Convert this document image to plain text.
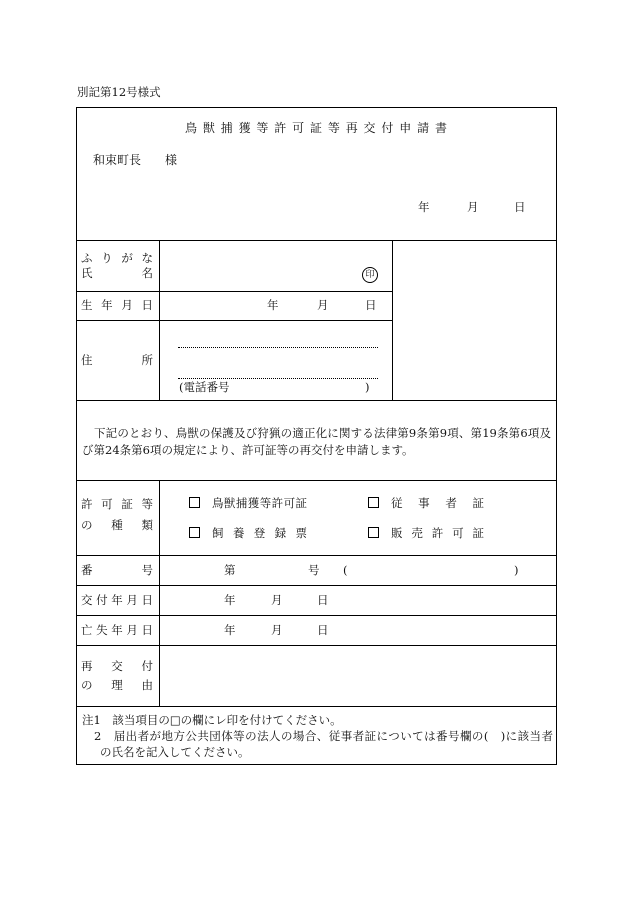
別記第12号様式
鳥獣捕獲等許可証等再交付申請書
和束町長　　様
年	月	日
ふりがな
氏名	印
生年月日	年	月	日
住所
(電話番号	)
下記のとおり、鳥獣の保護及び狩猟の適正化に関する法律第9条第9項、第19条第6項及
び第24条第6項の規定により、許可証等の再交付を申請します。
許可証等
の種類
鳥獣捕獲等許可証	従事者証
飼養登録票	販売許可証
番号	第	号 (	)
交付年月日	年	月	日
亡失年月日	年	月	日
再交付
の理由
注1　該当項目の□の欄にレ印を付けてください。
2　届出者が地方公共団体等の法人の場合、従事者証については番号欄の(　)に該当者
の氏名を記入してください。
